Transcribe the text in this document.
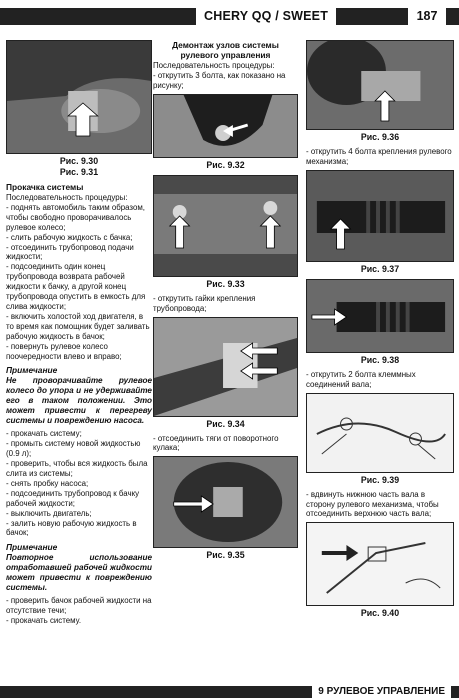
CHERY QQ / SWEET	187
Рис. 9.30
Рис. 9.31
Прокачка системы

Последовательность процедуры:

- поднять автомобиль таким образом, чтобы свободно проворачивалось рулевое колесо;

- слить рабочую жидкость с бачка;

- отсоединить трубопровод подачи жидкости;

- подсоединить один конец трубопровода возврата рабочей жидкости к бачку, а другой конец трубопровода опустить в емкость для слива жидкости;

- включить холостой ход двигателя, в то время как помощник будет заливать рабочую жидкость в бачок;

- повернуть рулевое колесо поочередности влево и вправо;

Примечание
Не проворачивайте рулевое колесо до упора и не удерживайте его в таком положении. Это может привести к перегреву системы и повреждению насоса.

- прокачать систему;

- промыть систему новой жидкостью (0.9 л);

- проверить, чтобы вся жидкость была слита из системы;

- снять пробку насоса;

- подсоединить трубопровод к бачку рабочей жидкости;

- выключить двигатель;

- залить новую рабочую жидкость в бачок;

Примечание
Повторное использование отработавшей рабочей жидкости может привести к повреждению системы.

- проверить бачок рабочей жидкости на отсутствие течи;

- прокачать систему.

Демонтаж узлов системы рулевого управления

Последовательность процедуры:

- открутить 3 болта, как показано на рисунку;

Рис. 9.32
Рис. 9.33

- открутить гайки крепления трубопровода;

Рис. 9.34

- отсоединить тяги от поворотного кулака;

Рис. 9.35
Рис. 9.36

- открутить 4 болта крепления рулевого механизма;

Рис. 9.37
Рис. 9.38

- открутить 2 болта клеммных соединений вала;

Рис. 9.39

- вдвинуть нижнюю часть вала в сторону рулевого механизма, чтобы отсоединить верхнюю часть вала;

Рис. 9.40
9 РУЛЕВОЕ УПРАВЛЕНИЕ
